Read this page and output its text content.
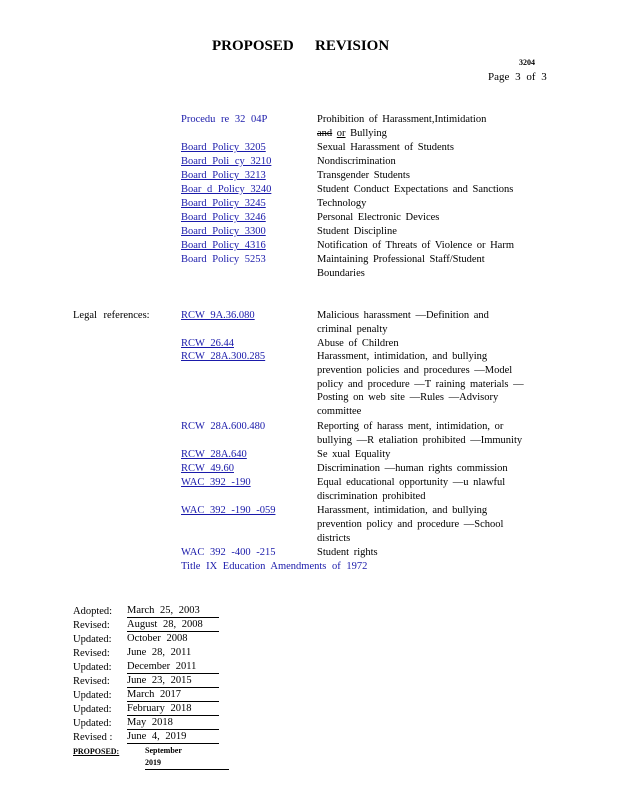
PROPOSED REVISION
3204
Page 3 of 3
Procedu re 32 04P	Prohibition of Harassment,Intimidation        and or Bullying
Board Policy 3205	Sexual Harassment of Students
Board Poli cy 3210	Nondiscrimination
Board Policy 3213	Transgender Students
Boar d Policy 3240	Student Conduct Expectations and Sanctions
Board Policy 3245	Technology
Board Policy 3246	Personal Electronic Devices
Board Policy 3300	Student Discipline
Board Policy 4316	Notification of Threats of Violence or Harm
Board Policy 5253	Maintaining Professional Staff/Student Boundaries
Legal references:	RCW 9A.36.080	Malicious harassment —Definition and criminal penalty
RCW 26.44	Abuse of Children
RCW 28A.300.285	Harassment, intimidation, and bullying prevention policies and procedures —Model policy and procedure —T raining materials — Posting on web site —Rules —Advisory committee
RCW 28A.600.480	Reporting of harass ment, intimidation, or bullying —R etaliation prohibited —Immunity
RCW 28A.640	Se xual Equality
RCW 49.60	Discrimination —human rights commission
WAC 392 -190	Equal educational opportunity —u nlawful discrimination prohibited
WAC 392 -190 -059	Harassment, intimidation, and bullying prevention policy and procedure —School districts
WAC 392 -400 -215	Student rights
Title IX Education Amendments of 1972
Adopted: March 25, 2003
Revised: August 28, 2008
Updated: October 2008
Revised: June 28, 2011
Updated: December 2011
Revised: June 23, 2015
Updated: March 2017
Updated: February 2018
Updated: May 2018
Revised : June 4, 2019
PROPOSED:	September 2019
